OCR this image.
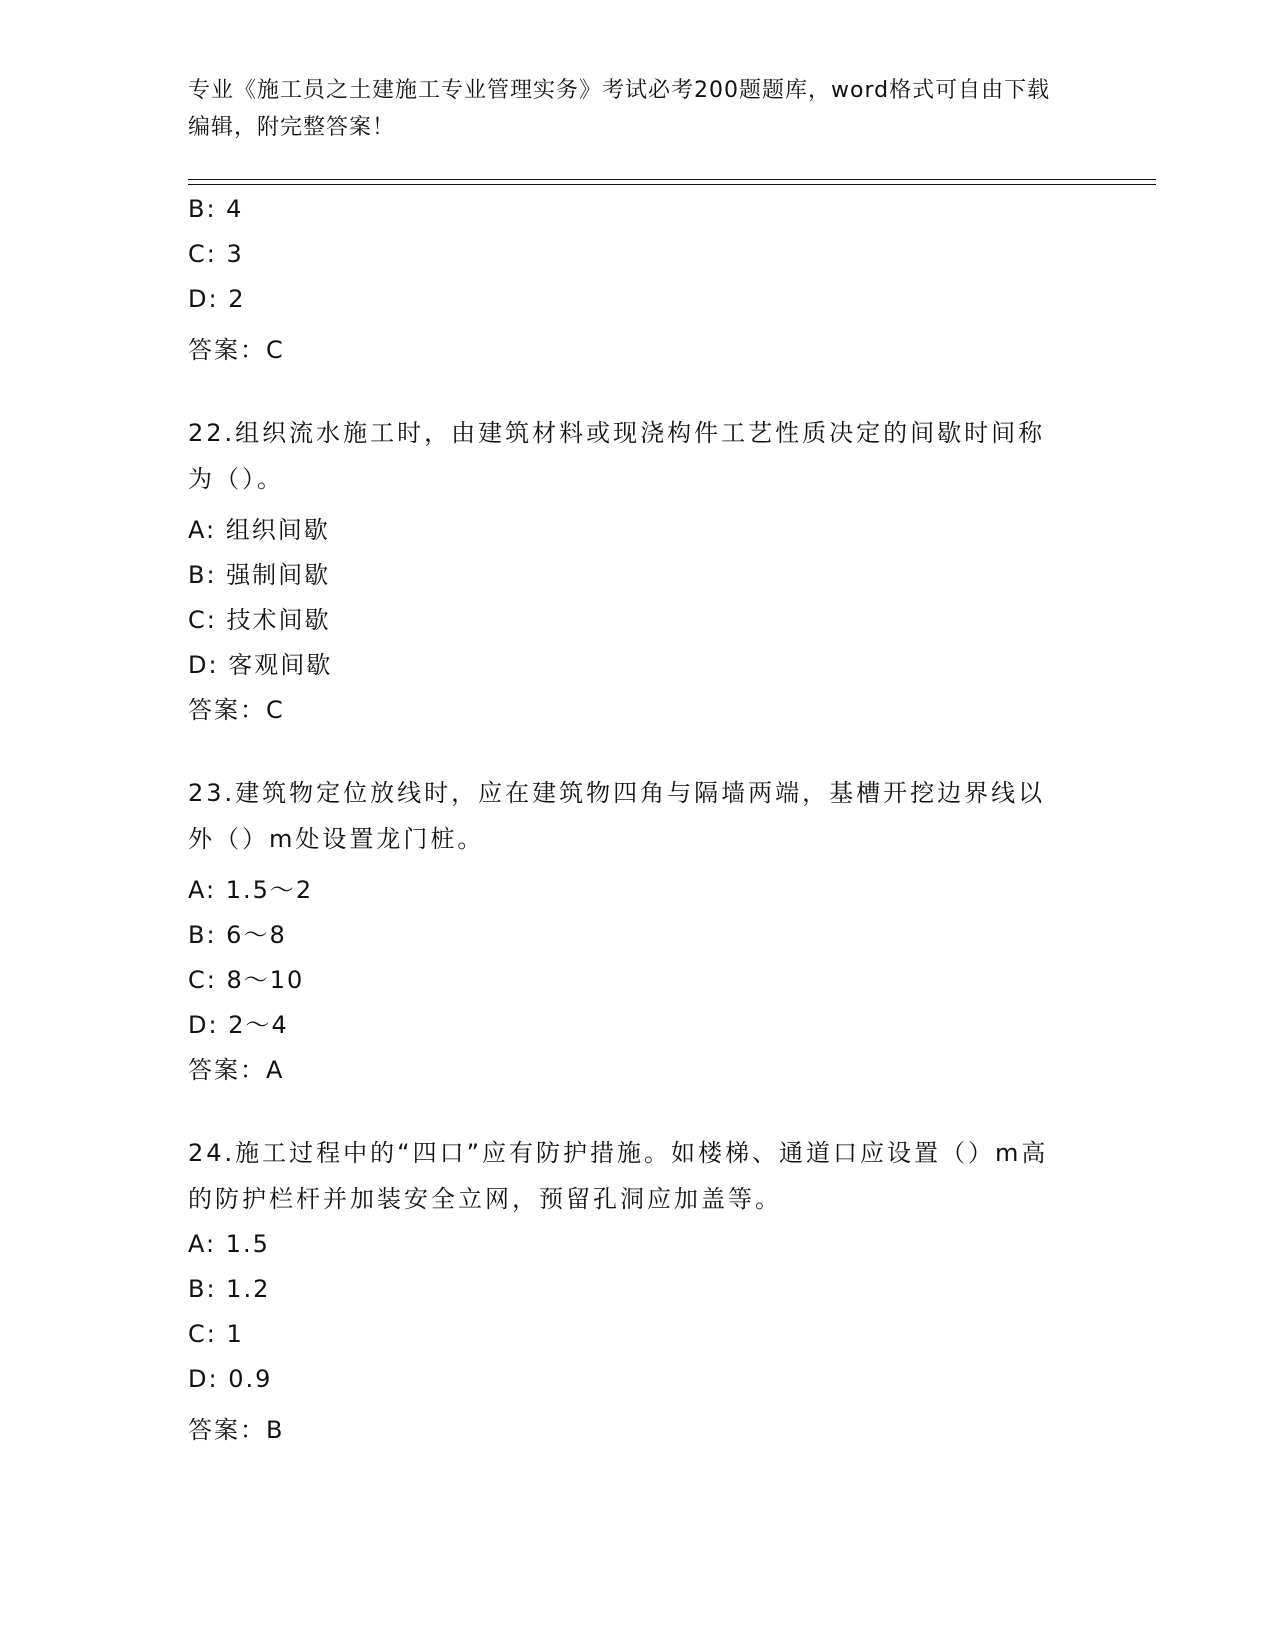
专业《施工员之土建施工专业管理实务》考试必考200题题库，word格式可自由下载编辑，附完整答案！
B: 4
C: 3
D: 2
答案：C
22.组织流水施工时，由建筑材料或现浇构件工艺性质决定的间歇时间称为（）。
A: 组织间歇
B: 强制间歇
C: 技术间歇
D: 客观间歇
答案：C
23.建筑物定位放线时，应在建筑物四角与隔墙两端，基槽开挖边界线以外（）m处设置龙门桩。
A: 1.5～2
B: 6～8
C: 8～10
D: 2～4
答案：A
24.施工过程中的“四口”应有防护措施。如楼梯、通道口应设置（）m高的防护栏杆并加装安全立网，预留孔洞应加盖等。
A: 1.5
B: 1.2
C: 1
D: 0.9
答案：B
